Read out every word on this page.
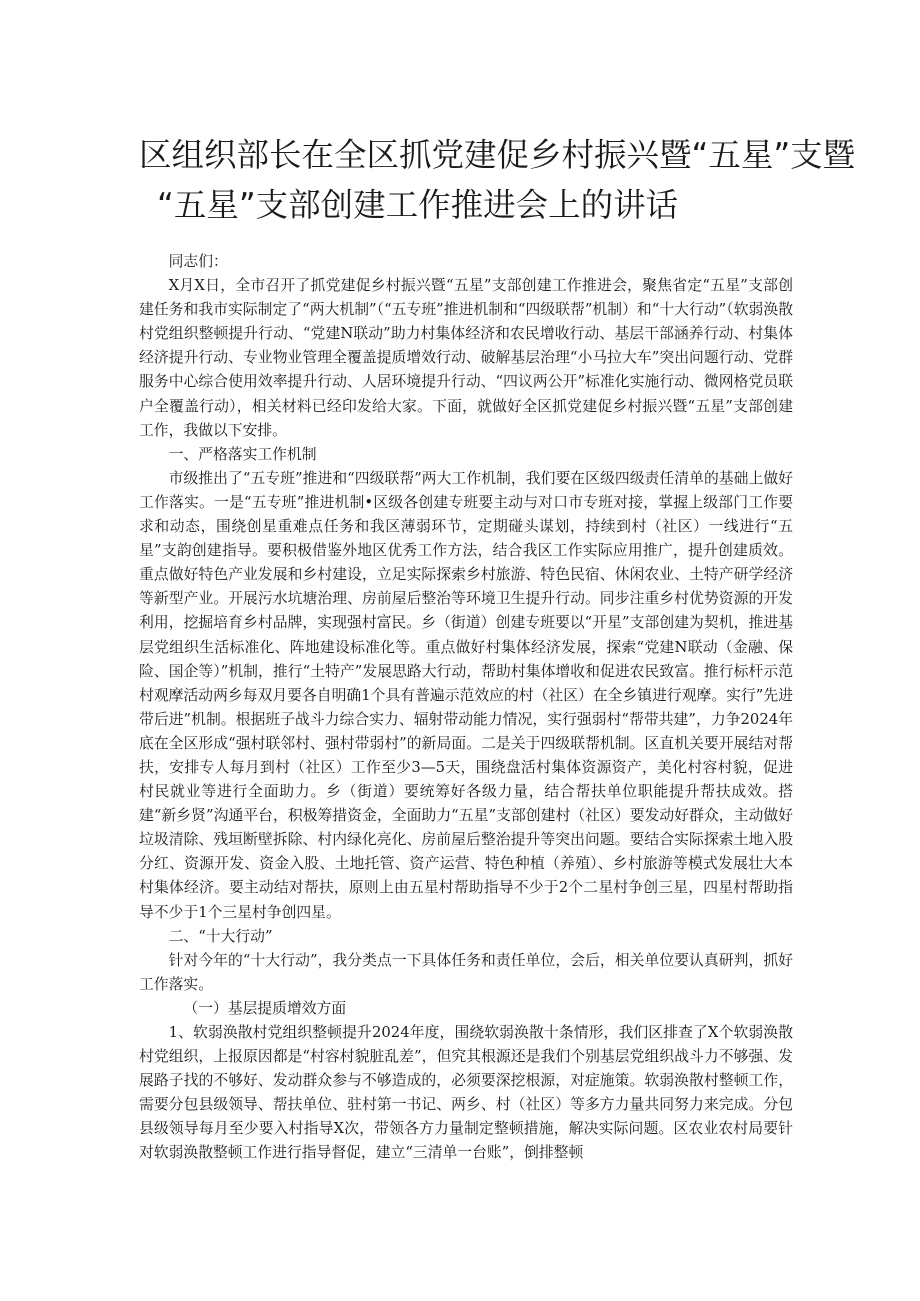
区组织部长在全区抓党建促乡村振兴暨“五星”支暨
“五星”支部创建工作推进会上的讲话

同志们：

X月X日，全市召开了抓党建促乡村振兴暨“五星”支部创建工作推进会，聚焦省定“五星”支部创建任务和我市实际制定了“两大机制”（“五专班”推进机制和“四级联帮”机制）和“十大行动”（软弱涣散村党组织整顿提升行动、“党建N联动”助力村集体经济和农民增收行动、基层干部涵养行动、村集体经济提升行动、专业物业管理全覆盖提质增效行动、破解基层治理“小马拉大车”突出问题行动、党群服务中心综合使用效率提升行动、人居环境提升行动、“四议两公开”标准化实施行动、微网格党员联户全覆盖行动），相关材料已经印发给大家。下面，就做好全区抓党建促乡村振兴暨“五星”支部创建工作，我做以下安排。

一、严格落实工作机制

市级推出了“五专班”推进和“四级联帮”两大工作机制，我们要在区级四级责任清单的基础上做好工作落实。一是“五专班”推进机制•区级各创建专班要主动与对口市专班对接，掌握上级部门工作要求和动态，围绕创星重难点任务和我区薄弱环节，定期碰头谋划，持续到村（社区）一线进行“五星”支韵创建指导。要积极借鉴外地区优秀工作方法，结合我区工作实际应用推广，提升创建质效。重点做好特色产业发展和乡村建设，立足实际探索乡村旅游、特色民宿、休闲农业、土特产研学经济等新型产业。开展污水坑塘治理、房前屋后整治等环境卫生提升行动。同步注重乡村优势资源的开发利用，挖掘培育乡村品牌，实现强村富民。乡（街道）创建专班要以“开星”支部创建为契机，推进基层党组织生活标准化、阵地建设标准化等。重点做好村集体经济发展，探索“党建N联动（金融、保险、国企等）”机制，推行“土特产”发展思路大行动，帮助村集体增收和促进农民致富。推行标杆示范村观摩活动两乡每双月要各自明确1个具有普遍示范效应的村（社区）在全乡镇进行观摩。实行”先进带后进”机制。根据班子战斗力综合实力、辐射带动能力情况，实行强弱村“帮带共建”，力争2024年底在全区形成“强村联邻村、强村带弱村”的新局面。二是关于四级联帮机制。区直机关要开展结对帮扶，安排专人每月到村（社区）工作至少3—5天，围绕盘活村集体资源资产，美化村容村貌，促进村民就业等进行全面助力。乡（街道）要统筹好各级力量，结合帮扶单位职能提升帮扶成效。搭建“新乡贤”沟通平台，积极筹措资金，全面助力“五星”支部创建村（社区）要发动好群众，主动做好垃圾清除、残垣断壁拆除、村内绿化亮化、房前屋后整治提升等突出问题。要结合实际探索土地入股分红、资源开发、资金入股、土地托管、资产运营、特色种植（养殖）、乡村旅游等模式发展壮大本村集体经济。要主动结对帮扶，原则上由五星村帮助指导不少于2个二星村争创三星，四星村帮助指导不少于1个三星村争创四星。

二、“十大行动”

针对今年的“十大行动”，我分类点一下具体任务和责任单位，会后，相关单位要认真研判，抓好工作落实。

（一）基层提质增效方面

1、软弱涣散村党组织整顿提升2024年度，围绕软弱涣散十条情形，我们区排查了X个软弱涣散村党组织，上报原因都是“村容村貌脏乱差”，但究其根源还是我们个别基层党组织战斗力不够强、发展路子找的不够好、发动群众参与不够造成的，必须要深挖根源，对症施策。软弱涣散村整顿工作，需要分包县级领导、帮扶单位、驻村第一书记、两乡、村（社区）等多方力量共同努力来完成。分包县级领导每月至少要入村指导X次，带领各方力量制定整顿措施，解决实际问题。区农业农村局要针对软弱涣散整顿工作进行指导督促，建立“三清单一台账”，倒排整顿
